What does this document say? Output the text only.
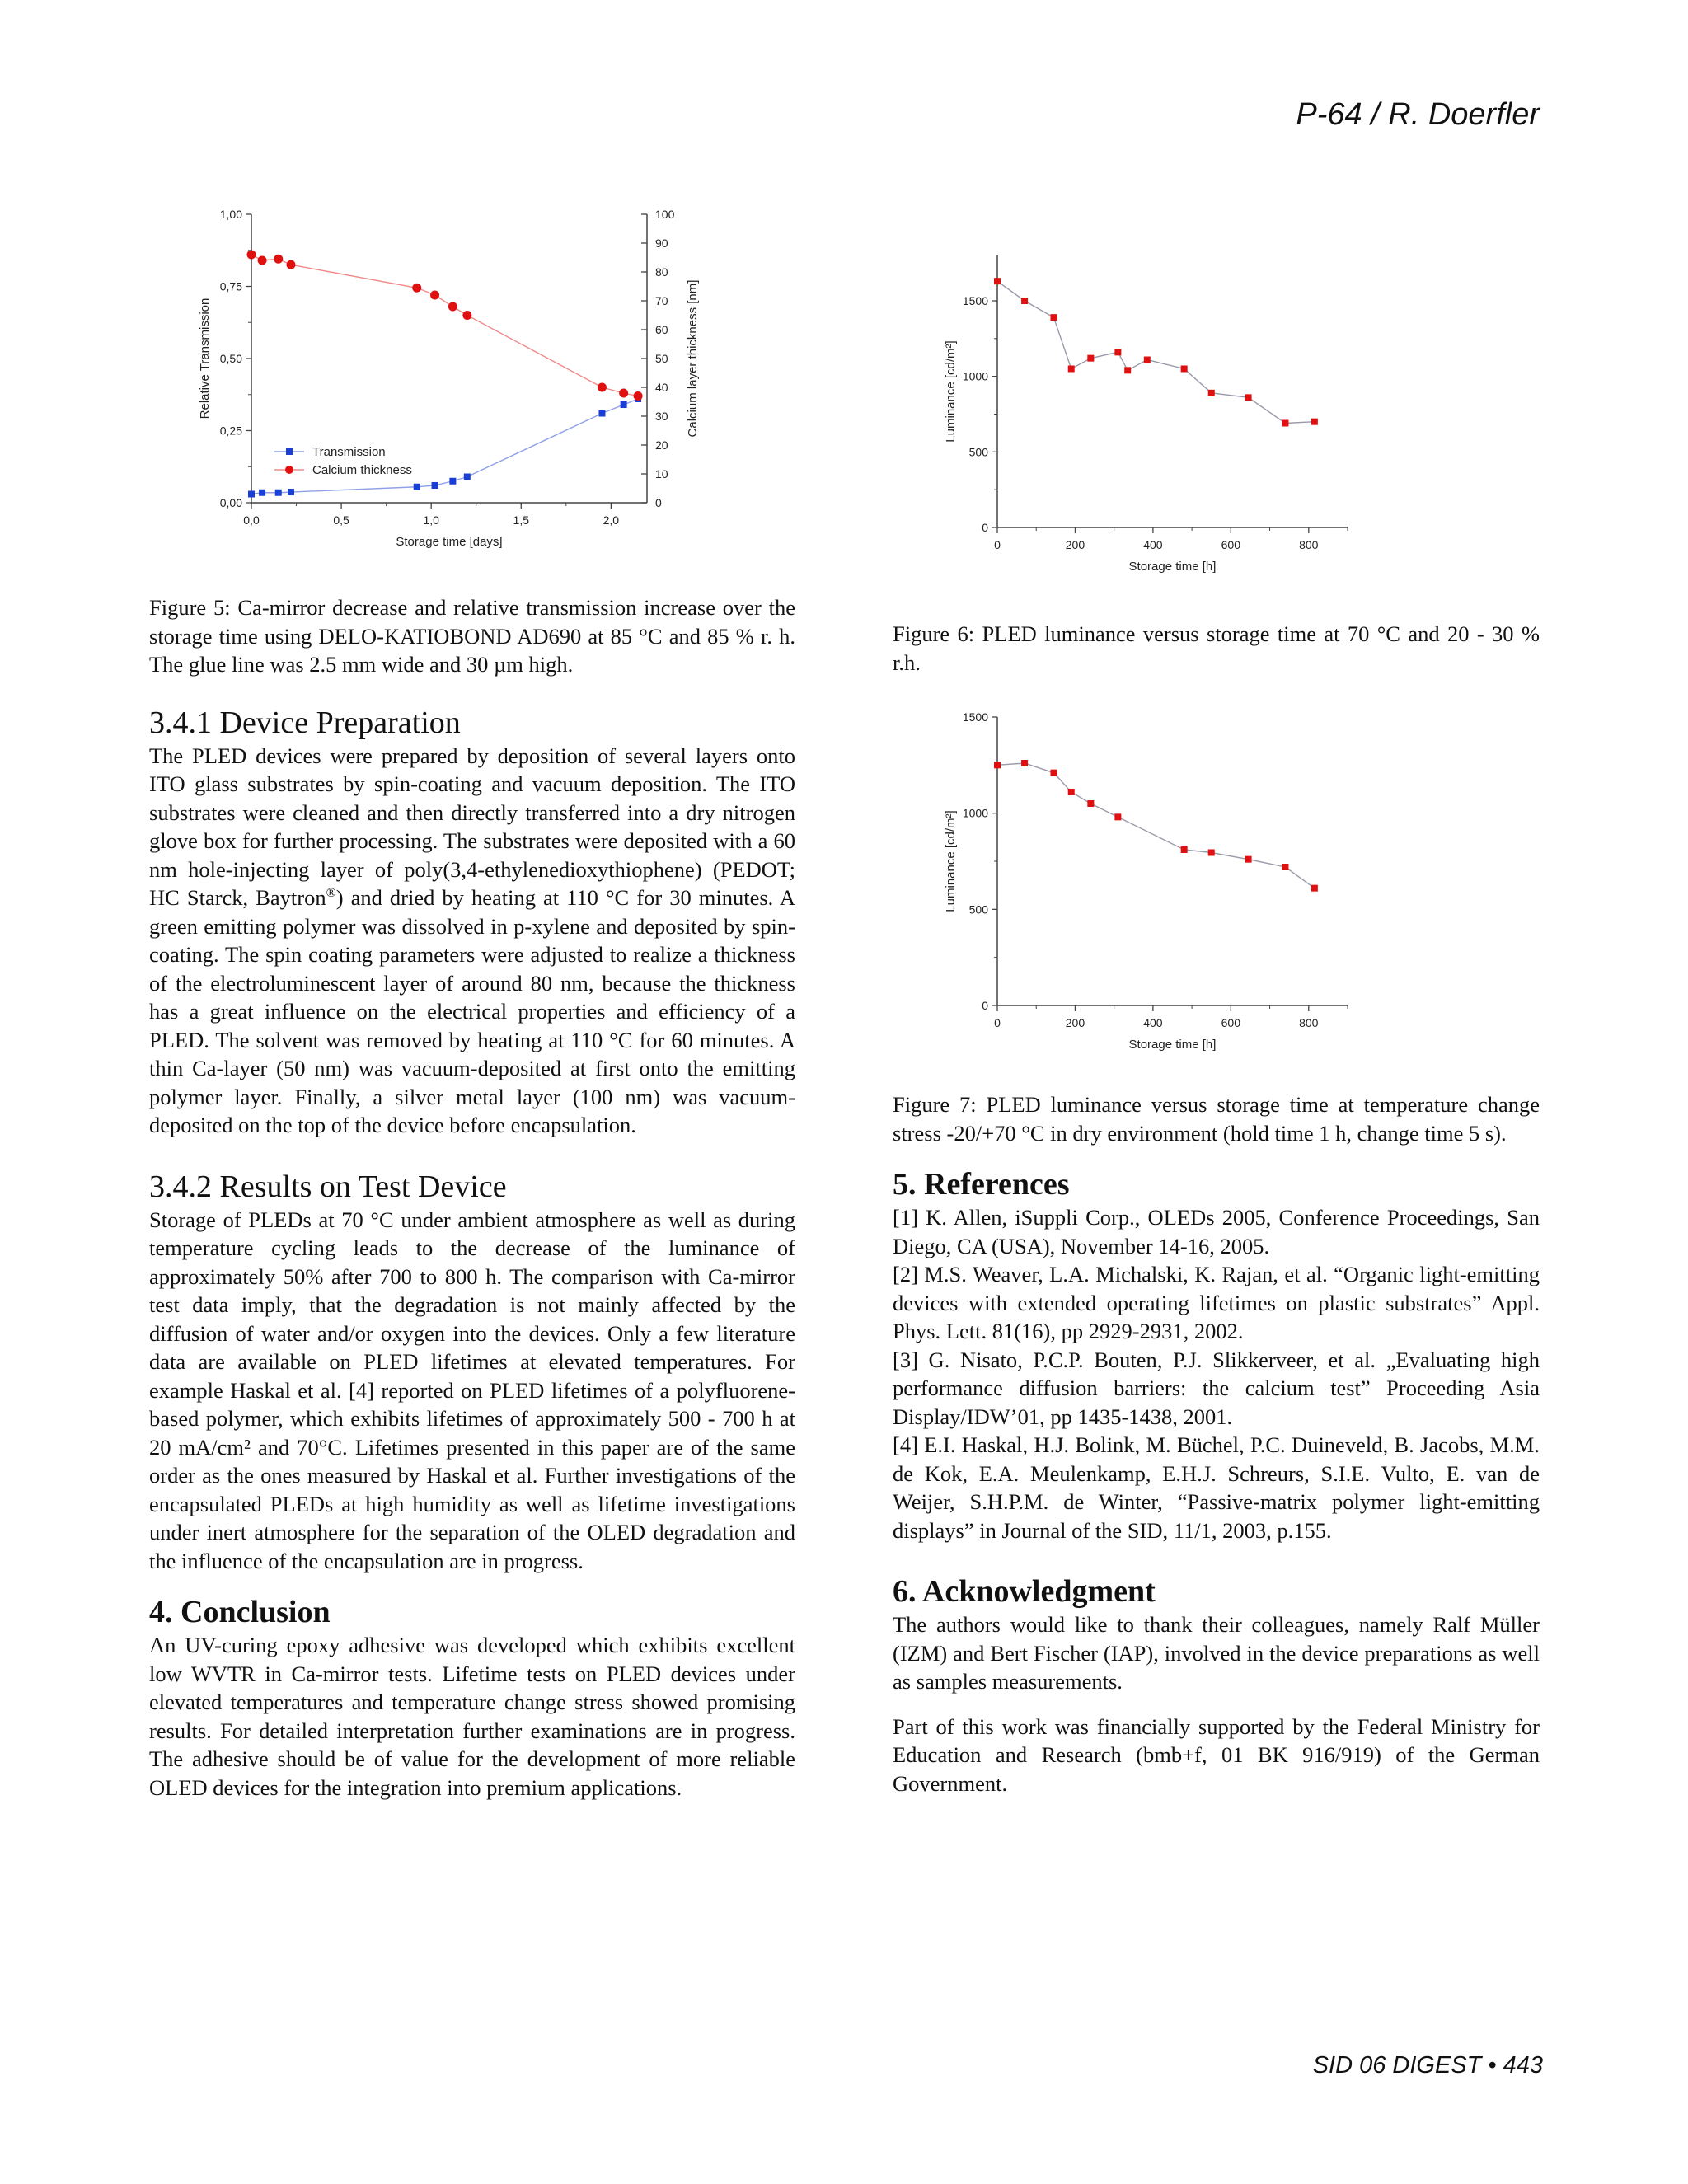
P-64 / R. Doerfler
0,0	0,5	1,0	1,5	2,0
0,00
0,25
0,50
0,75
1,00
Storage time [days]
Relative Transmission
0
10
20
30
40
50
60
70
80
90
100
Calcium layer thickness [nm]
Transmission
Calcium thickness
0	200	400	600	800
0
500
1000
1500
Storage time [h]
Luminance [cd/m²]
0	200	400	600	800
0
500
1000
1500
Storage time [h]
Luminance [cd/m²]

Figure 5: Ca-mirror decrease and relative transmission increase over the storage time using DELO-KATIOBOND AD690 at 85 °C and 85 % r. h. The glue line was 2.5 mm wide and 30 µm high.

3.4.1 Device Preparation

The PLED devices were prepared by deposition of several layers onto ITO glass substrates by spin-coating and vacuum deposition. The ITO substrates were cleaned and then directly transferred into a dry nitrogen glove box for further processing. The substrates were deposited with a 60 nm hole-injecting layer of poly(3,4-ethylenedioxythiophene) (PEDOT; HC Starck, Baytron®) and dried by heating at 110 °C for 30 minutes. A green emitting polymer was dissolved in p-xylene and deposited by spin-coating. The spin coating parameters were adjusted to realize a thickness of the electroluminescent layer of around 80 nm, because the thickness has a great influence on the electrical properties and efficiency of a PLED. The solvent was removed by heating at 110 °C for 60 minutes. A thin Ca-layer (50 nm) was vacuum-deposited at first onto the emitting polymer layer. Finally, a silver metal layer (100 nm) was vacuum-deposited on the top of the device before encapsulation.

3.4.2 Results on Test Device

Storage of PLEDs at 70 °C under ambient atmosphere as well as during temperature cycling leads to the decrease of the luminance of approximately 50% after 700 to 800 h. The comparison with Ca-mirror test data imply, that the degradation is not mainly affected by the diffusion of water and/or oxygen into the devices. Only a few literature data are available on PLED lifetimes at elevated temperatures. For example Haskal et al. [4] reported on PLED lifetimes of a polyfluorene-based polymer, which exhibits lifetimes of approximately 500 - 700 h at 20 mA/cm² and 70°C. Lifetimes presented in this paper are of the same order as the ones measured by Haskal et al. Further investigations of the encapsulated PLEDs at high humidity as well as lifetime investigations under inert atmosphere for the separation of the OLED degradation and the influence of the encapsulation are in progress.

4. Conclusion

An UV-curing epoxy adhesive was developed which exhibits excellent low WVTR in Ca-mirror tests. Lifetime tests on PLED devices under elevated temperatures and temperature change stress showed promising results. For detailed interpretation further examinations are in progress. The adhesive should be of value for the development of more reliable OLED devices for the integration into premium applications.

Figure 6: PLED luminance versus storage time at 70 °C and 20 - 30 % r.h.

Figure 7: PLED luminance versus storage time at temperature change stress -20/+70 °C in dry environment (hold time 1 h, change time 5 s).

5. References

[1] K. Allen, iSuppli Corp., OLEDs 2005, Conference Proceedings, San Diego, CA (USA), November 14-16, 2005.

[2] M.S. Weaver, L.A. Michalski, K. Rajan, et al. “Organic light-emitting devices with extended operating lifetimes on plastic substrates” Appl. Phys. Lett. 81(16), pp 2929-2931, 2002.

[3] G. Nisato, P.C.P. Bouten, P.J. Slikkerveer, et al. „Evaluating high performance diffusion barriers: the calcium test” Proceeding Asia Display/IDW’01, pp 1435-1438, 2001.

[4] E.I. Haskal, H.J. Bolink, M. Büchel, P.C. Duineveld, B. Jacobs, M.M. de Kok, E.A. Meulenkamp, E.H.J. Schreurs, S.I.E. Vulto, E. van de Weijer, S.H.P.M. de Winter, “Passive-matrix polymer light-emitting displays” in Journal of the SID, 11/1, 2003, p.155.

6. Acknowledgment

The authors would like to thank their colleagues, namely Ralf Müller (IZM) and Bert Fischer (IAP), involved in the device preparations as well as samples measurements.

Part of this work was financially supported by the Federal Ministry for Education and Research (bmb+f, 01 BK 916/919) of the German Government.

SID 06 DIGEST • 443
